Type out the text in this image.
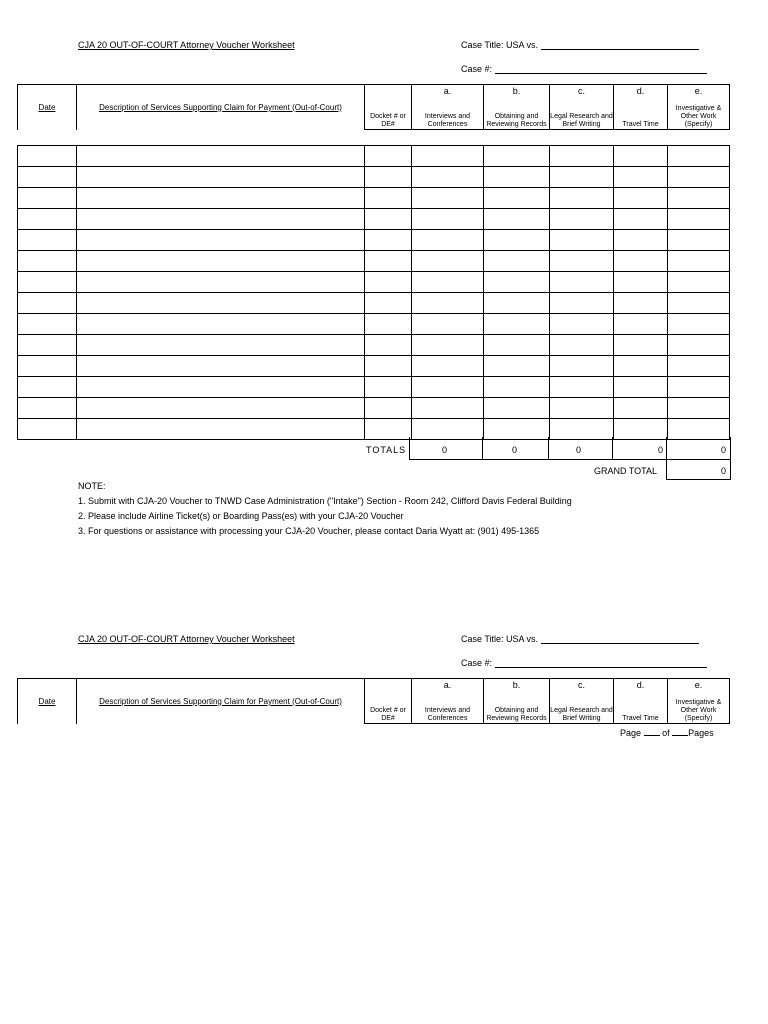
CJA 20 OUT-OF-COURT Attorney Voucher Worksheet	Case Title: USA vs.
Case #:
Date	Description of Services Supporting Claim for Payment (Out-of-Court)		a.	b.	c.	d.	e.
		Docket # or DE#	Interviews and Conferences	Obtaining and Reviewing Records	Legal Research and Brief Writing	Travel Time	Investigative & Other Work (Specify)

TOTALS	0	0	0	0	0
GRAND TOTAL	0
NOTE:
1. Submit with CJA-20 Voucher to TNWD Case Administration ("Intake") Section - Room 242, Clifford Davis Federal Building
2. Please include Airline Ticket(s) or Boarding Pass(es) with your CJA-20 Voucher
3. For questions or assistance with processing your CJA-20 Voucher, please contact Daria Wyatt at: (901) 495-1365
CJA 20 OUT-OF-COURT Attorney Voucher Worksheet	Case Title: USA vs.
Case #:
Date	Description of Services Supporting Claim for Payment (Out-of-Court)		a.	b.	c.	d.	e.
		Docket # or DE#	Interviews and Conferences	Obtaining and Reviewing Records	Legal Research and Brief Writing	Travel Time	Investigative & Other Work (Specify)
Page of Pages
